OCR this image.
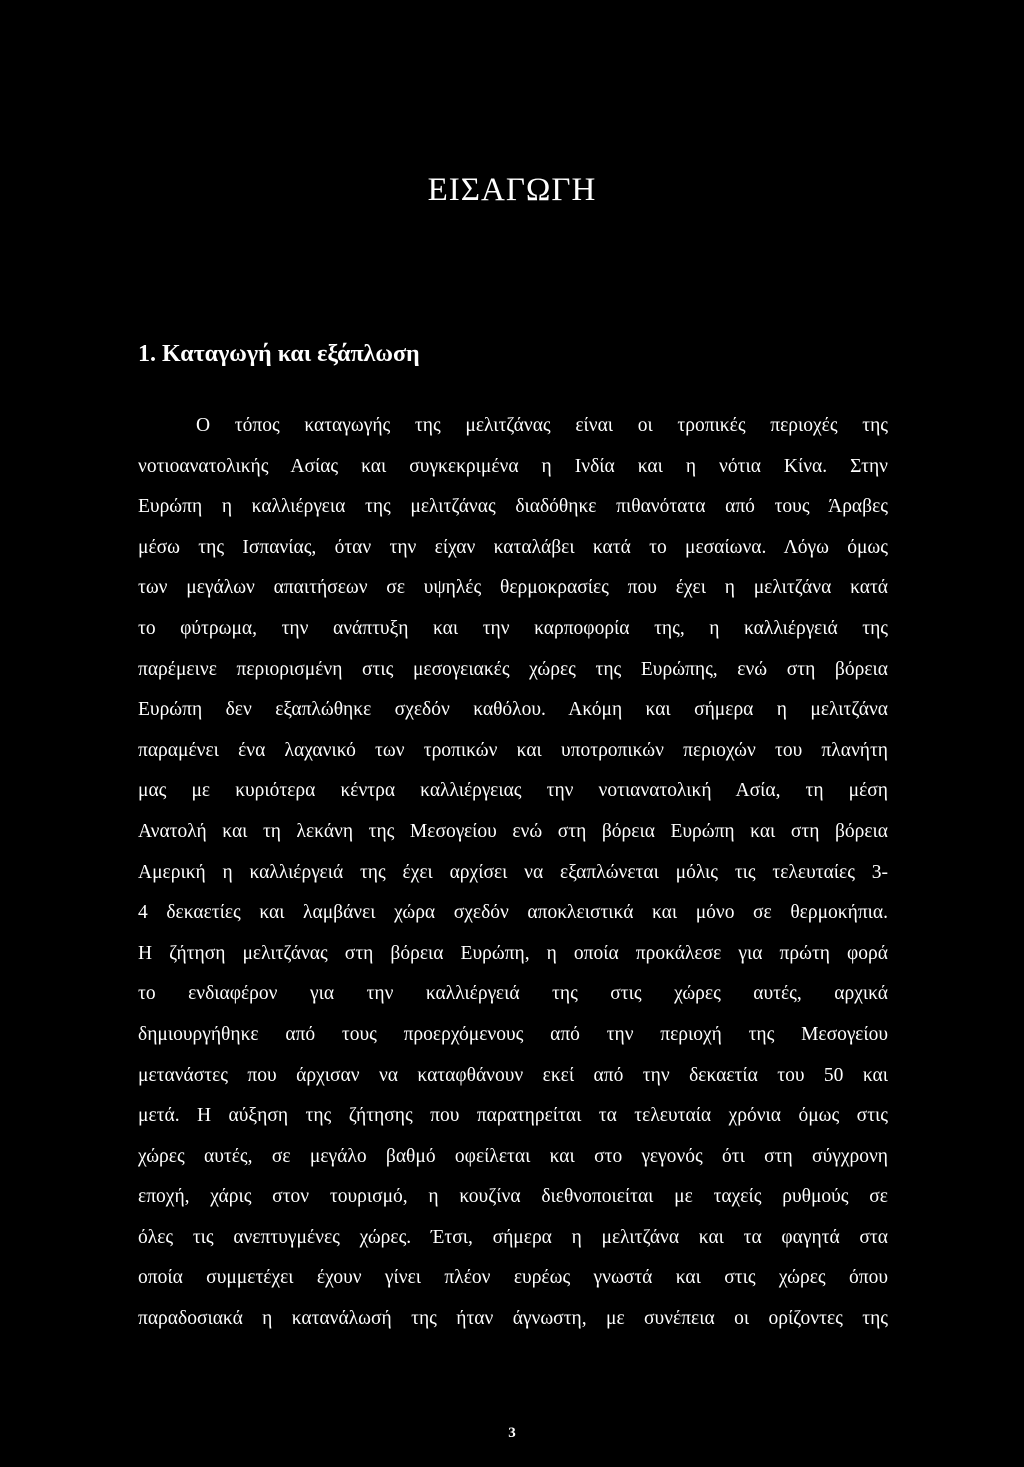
ΕΙΣΑΓΩΓΗ
1. Καταγωγή και εξάπλωση
Ο τόπος καταγωγής της μελιτζάνας είναι οι τροπικές περιοχές της
νοτιοανατολικής Ασίας και συγκεκριμένα η Ινδία και η νότια Κίνα. Στην
Ευρώπη η καλλιέργεια της μελιτζάνας διαδόθηκε πιθανότατα από τους Άραβες
μέσω της Ισπανίας, όταν την είχαν καταλάβει κατά το μεσαίωνα. Λόγω όμως
των μεγάλων απαιτήσεων σε υψηλές θερμοκρασίες που έχει η μελιτζάνα κατά
το φύτρωμα, την ανάπτυξη και την καρποφορία της, η καλλιέργειά της
παρέμεινε περιορισμένη στις μεσογειακές χώρες της Ευρώπης, ενώ στη βόρεια
Ευρώπη δεν εξαπλώθηκε σχεδόν καθόλου. Ακόμη και σήμερα η μελιτζάνα
παραμένει ένα λαχανικό των τροπικών και υποτροπικών περιοχών του πλανήτη
μας με κυριότερα κέντρα καλλιέργειας την νοτιανατολική Ασία, τη μέση
Ανατολή και τη λεκάνη της Μεσογείου ενώ στη βόρεια Ευρώπη και στη βόρεια
Αμερική η καλλιέργειά της έχει αρχίσει να εξαπλώνεται μόλις τις τελευταίες 3-
4 δεκαετίες και λαμβάνει χώρα σχεδόν αποκλειστικά και μόνο σε θερμοκήπια.
Η ζήτηση μελιτζάνας στη βόρεια Ευρώπη, η οποία προκάλεσε για πρώτη φορά
το ενδιαφέρον για την καλλιέργειά της στις χώρες αυτές, αρχικά
δημιουργήθηκε από τους προερχόμενους από την περιοχή της Μεσογείου
μετανάστες που άρχισαν να καταφθάνουν εκεί από την δεκαετία του 50 και
μετά. Η αύξηση της ζήτησης που παρατηρείται τα τελευταία χρόνια όμως στις
χώρες αυτές, σε μεγάλο βαθμό οφείλεται και στο γεγονός ότι στη σύγχρονη
εποχή, χάρις στον τουρισμό, η κουζίνα διεθνοποιείται με ταχείς ρυθμούς σε
όλες τις ανεπτυγμένες χώρες. Έτσι, σήμερα η μελιτζάνα και τα φαγητά στα
οποία συμμετέχει έχουν γίνει πλέον ευρέως γνωστά και στις χώρες όπου
παραδοσιακά η κατανάλωσή της ήταν άγνωστη, με συνέπεια οι ορίζοντες της
3
